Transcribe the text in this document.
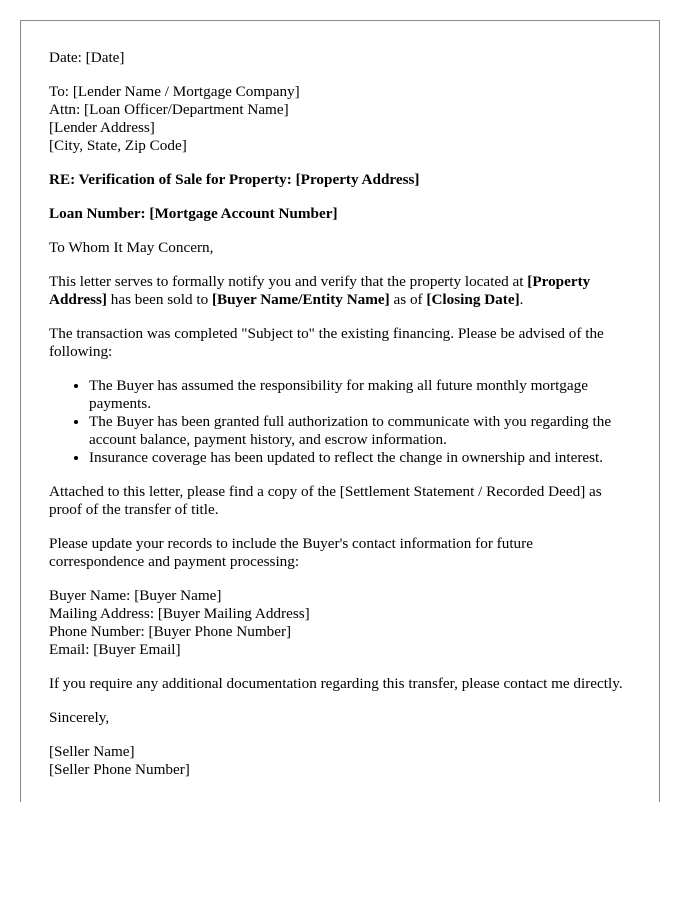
Date: [Date]

To: [Lender Name / Mortgage Company]
Attn: [Loan Officer/Department Name]
[Lender Address]
[City, State, Zip Code]

RE: Verification of Sale for Property: [Property Address]

Loan Number: [Mortgage Account Number]

To Whom It May Concern,

This letter serves to formally notify you and verify that the property located at [Property Address] has been sold to [Buyer Name/Entity Name] as of [Closing Date].

The transaction was completed "Subject to" the existing financing. Please be advised of the following:

• The Buyer has assumed the responsibility for making all future monthly mortgage payments.
• The Buyer has been granted full authorization to communicate with you regarding the account balance, payment history, and escrow information.
• Insurance coverage has been updated to reflect the change in ownership and interest.

Attached to this letter, please find a copy of the [Settlement Statement / Recorded Deed] as proof of the transfer of title.

Please update your records to include the Buyer's contact information for future correspondence and payment processing:

Buyer Name: [Buyer Name]
Mailing Address: [Buyer Mailing Address]
Phone Number: [Buyer Phone Number]
Email: [Buyer Email]

If you require any additional documentation regarding this transfer, please contact me directly.

Sincerely,

[Seller Name]
[Seller Phone Number]
